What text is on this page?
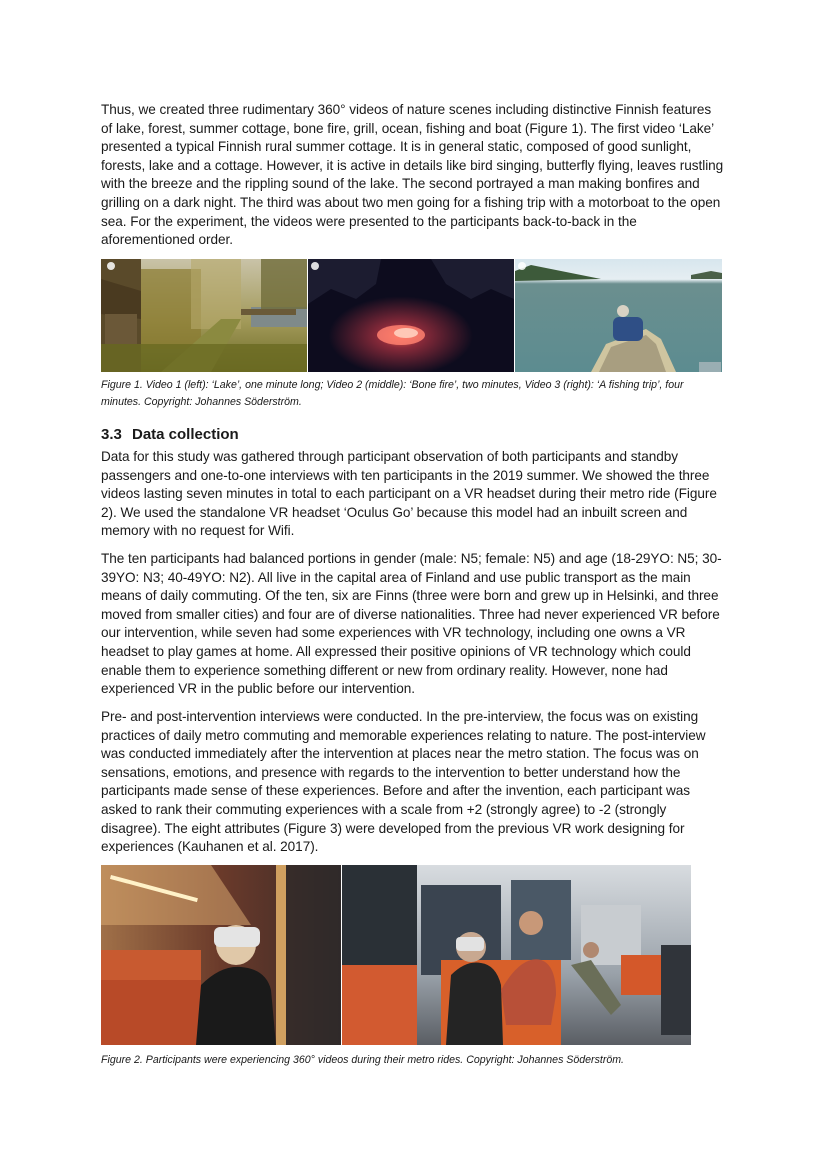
Thus, we created three rudimentary 360° videos of nature scenes including distinctive Finnish features of lake, forest, summer cottage, bone fire, grill, ocean, fishing and boat (Figure 1). The first video ‘Lake’ presented a typical Finnish rural summer cottage. It is in general static, composed of good sunlight, forests, lake and a cottage. However, it is active in details like bird singing, butterfly flying, leaves rustling with the breeze and the rippling sound of the lake. The second portrayed a man making bonfires and grilling on a dark night. The third was about two men going for a fishing trip with a motorboat to the open sea. For the experiment, the videos were presented to the participants back-to-back in the aforementioned order.

Figure 1. Video 1 (left): ‘Lake’, one minute long; Video 2 (middle): ‘Bone fire’, two minutes, Video 3 (right): ‘A fishing trip’, four minutes. Copyright: Johannes Söderström.

3.3 Data collection

Data for this study was gathered through participant observation of both participants and standby passengers and one-to-one interviews with ten participants in the 2019 summer. We showed the three videos lasting seven minutes in total to each participant on a VR headset during their metro ride (Figure 2). We used the standalone VR headset ‘Oculus Go’ because this model had an inbuilt screen and memory with no request for Wifi.

The ten participants had balanced portions in gender (male: N5; female: N5) and age (18-29YO: N5; 30-39YO: N3; 40-49YO: N2). All live in the capital area of Finland and use public transport as the main means of daily commuting. Of the ten, six are Finns (three were born and grew up in Helsinki, and three moved from smaller cities) and four are of diverse nationalities. Three had never experienced VR before our intervention, while seven had some experiences with VR technology, including one owns a VR headset to play games at home. All expressed their positive opinions of VR technology which could enable them to experience something different or new from ordinary reality. However, none had experienced VR in the public before our intervention.

Pre- and post-intervention interviews were conducted. In the pre-interview, the focus was on existing practices of daily metro commuting and memorable experiences relating to nature. The post-interview was conducted immediately after the intervention at places near the metro station. The focus was on sensations, emotions, and presence with regards to the intervention to better understand how the participants made sense of these experiences. Before and after the invention, each participant was asked to rank their commuting experiences with a scale from +2 (strongly agree) to -2 (strongly disagree). The eight attributes (Figure 3) were developed from the previous VR work designing for experiences (Kauhanen et al. 2017).

Figure 2. Participants were experiencing 360° videos during their metro rides. Copyright: Johannes Söderström.
